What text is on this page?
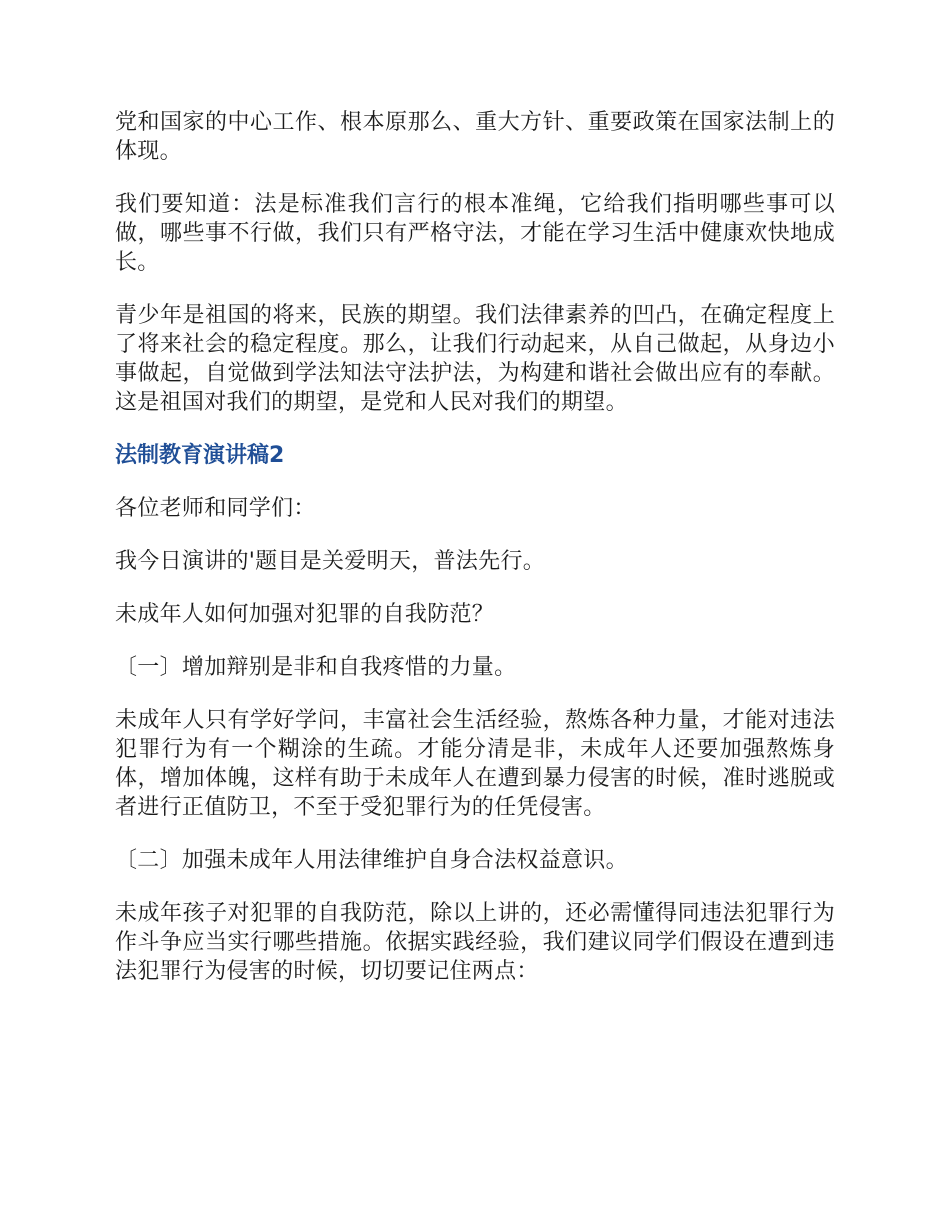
党和国家的中心工作、根本原那么、重大方针、重要政策在国家法制上的体现。

我们要知道：法是标准我们言行的根本准绳，它给我们指明哪些事可以做，哪些事不行做，我们只有严格守法，才能在学习生活中健康欢快地成长。

青少年是祖国的将来，民族的期望。我们法律素养的凹凸，在确定程度上了将来社会的稳定程度。那么，让我们行动起来，从自己做起，从身边小事做起，自觉做到学法知法守法护法，为构建和谐社会做出应有的奉献。这是祖国对我们的期望，是党和人民对我们的期望。

法制教育演讲稿2

各位老师和同学们：

我今日演讲的'题目是关爱明天，普法先行。

未成年人如何加强对犯罪的自我防范？

〔一〕增加辩别是非和自我疼惜的力量。

未成年人只有学好学问，丰富社会生活经验，熬炼各种力量，才能对违法犯罪行为有一个糊涂的生疏。才能分清是非，未成年人还要加强熬炼身体，增加体魄，这样有助于未成年人在遭到暴力侵害的时候，准时逃脱或者进行正值防卫，不至于受犯罪行为的任凭侵害。

〔二〕加强未成年人用法律维护自身合法权益意识。

未成年孩子对犯罪的自我防范，除以上讲的，还必需懂得同违法犯罪行为作斗争应当实行哪些措施。依据实践经验，我们建议同学们假设在遭到违法犯罪行为侵害的时候，切切要记住两点：
